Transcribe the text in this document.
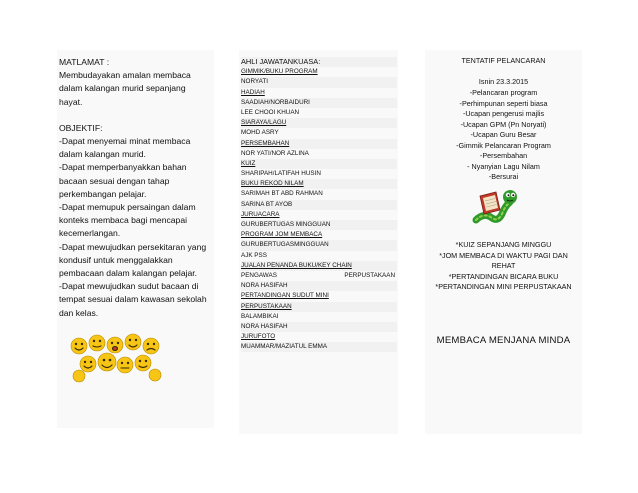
MATLAMAT :

Membudayakan amalan membaca

dalam kalangan murid sepanjang

hayat.

OBJEKTIF:

-Dapat menyemai minat membaca

dalam kalangan murid.

-Dapat memperbanyakkan bahan

bacaan sesuai dengan tahap

perkembangan pelajar.

-Dapat memupuk persaingan dalam

konteks membaca bagi mencapai

kecemerlangan.

-Dapat mewujudkan persekitaran yang

kondusif untuk menggalakkan

pembacaan dalam kalangan pelajar.

-Dapat mewujudkan sudut bacaan di

tempat sesuai dalam kawasan sekolah

dan kelas.

AHLI JAWATANKUASA:
GIMMIK/BUKU PROGRAM
NORYATI
HADIAH
SAADIAH/NORBAIDURI
LEE CHOOI KHUAN
SIARAYA/LAGU
MOHD ASRY
PERSEMBAHAN
NOR YATI/NOR AZLINA
KUIZ
SHARIPAH/LATIFAH HUSIN
BUKU REKOD NILAM
SARIMAH BT ABD RAHMAN
SARINA BT AYOB
JURUACARA
GURUBERTUGAS MINGGUAN
PROGRAM JOM MEMBACA
GURUBERTUGASMINGGUAN
AJK PSS
JUALAN PENANDA BUKU/KEY CHAIN
PENGAWAS	PERPUSTAKAAN
NORA HASIFAH
PERTANDINGAN SUDUT MINI
PERPUSTAKAAN
BALAMBIKAI
NORA HASIFAH
JURUFOTO
MUAMMAR/MAZIATUL EMMA
TENTATIF PELANCARAN
Isnin 23.3.2015
-Pelancaran program
-Perhimpunan seperti biasa
-Ucapan pengerusi majlis
-Ucapan GPM (Pn Noryati)
-Ucapan Guru Besar
-Gimmik Pelancaran Program
-Persembahan
- Nyanyian Lagu Nilam
-Bersurai
*KUIZ SEPANJANG MINGGU
*JOM MEMBACA DI WAKTU PAGI DAN
REHAT
*PERTANDINGAN BICARA BUKU
*PERTANDINGAN MINI PERPUSTAKAAN
MEMBACA MENJANA MINDA
